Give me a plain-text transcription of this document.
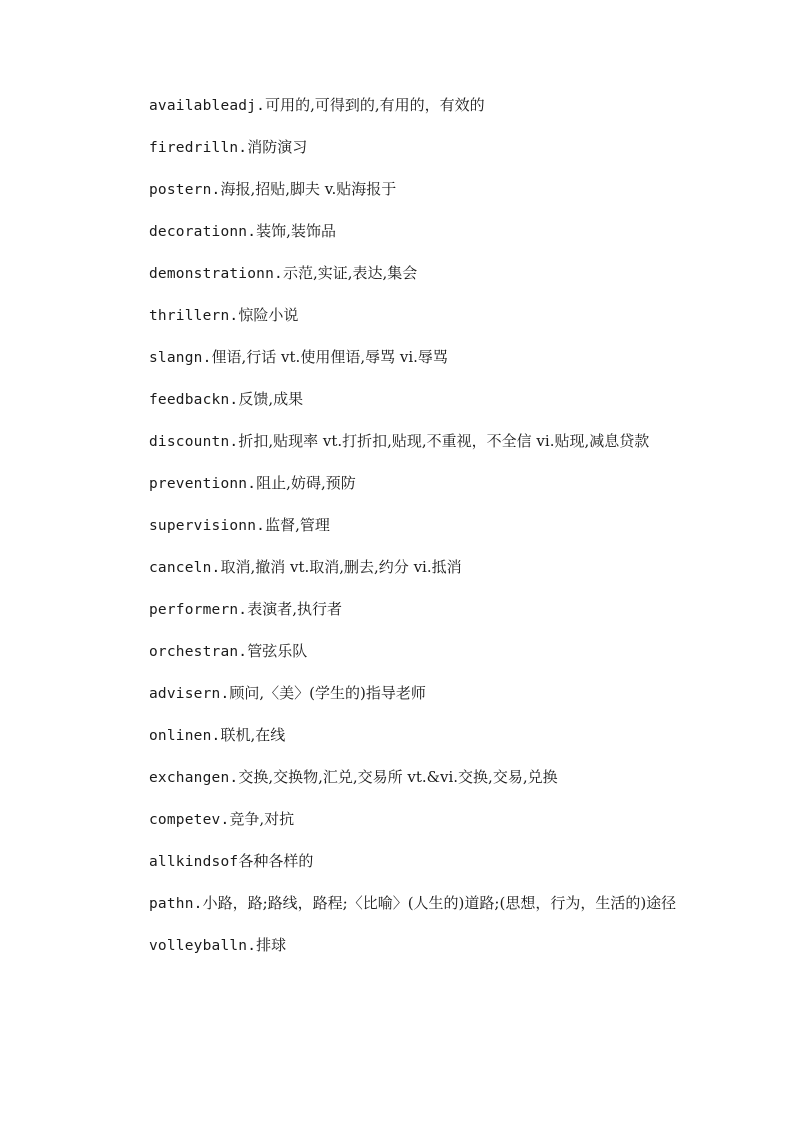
availableadj.可用的,可得到的,有用的，有效的

firedrilln.消防演习

postern.海报,招贴,脚夫 v.贴海报于

decorationn.装饰,装饰品

demonstrationn.示范,实证,表达,集会

thrillern.惊险小说

slangn.俚语,行话 vt.使用俚语,辱骂 vi.辱骂

feedbackn.反馈,成果

discountn.折扣,贴现率 vt.打折扣,贴现,不重视，不全信 vi.贴现,减息贷款

preventionn.阻止,妨碍,预防

supervisionn.监督,管理

canceln.取消,撤消 vt.取消,删去,约分 vi.抵消

performern.表演者,执行者

orchestran.管弦乐队

advisern.顾问,〈美〉(学生的)指导老师

onlinen.联机,在线

exchangen.交换,交换物,汇兑,交易所 vt.&vi.交换,交易,兑换

competev.竞争,对抗

allkindsof各种各样的

pathn.小路，路;路线，路程;〈比喻〉(人生的)道路;(思想，行为，生活的)途径

volleyballn.排球
